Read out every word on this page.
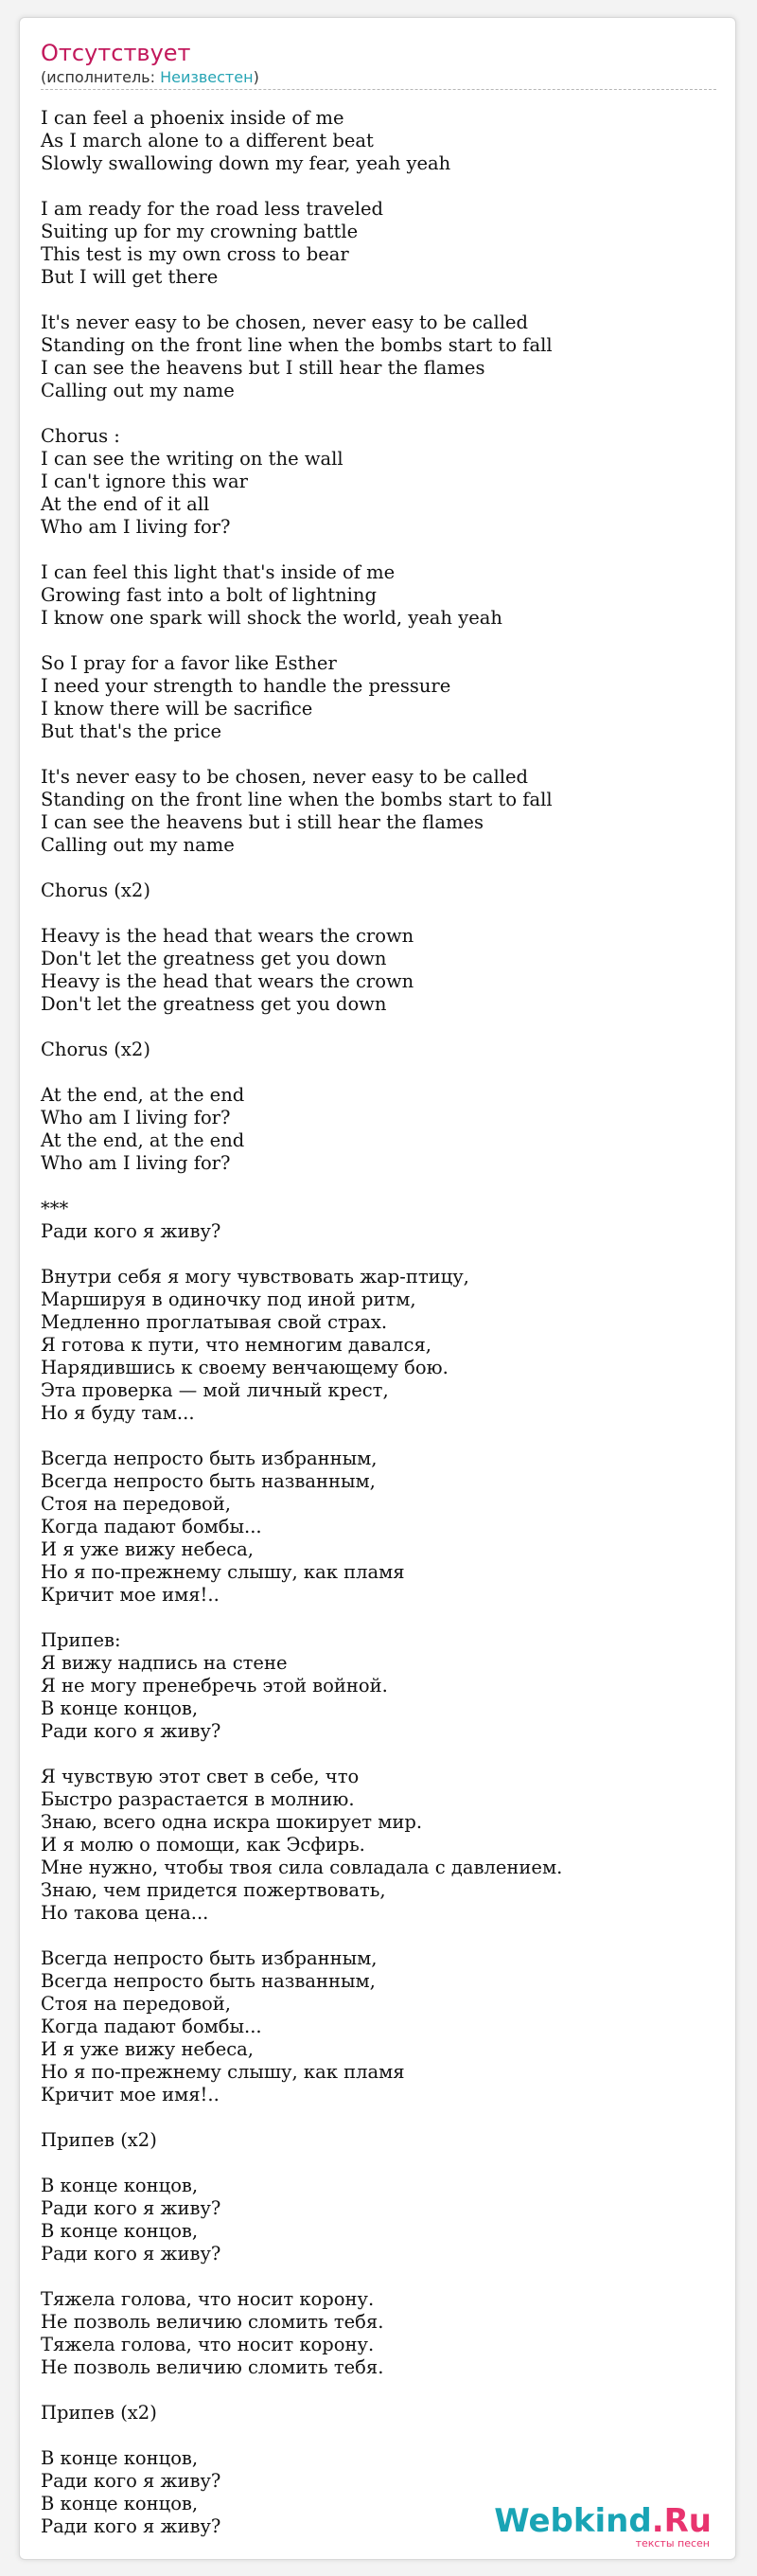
Отсутствует
(исполнитель: Неизвестен)
I can feel a phoenix inside of me
As I march alone to a different beat
Slowly swallowing down my fear, yeah yeah

I am ready for the road less traveled
Suiting up for my crowning battle
This test is my own cross to bear
But I will get there

It's never easy to be chosen, never easy to be called
Standing on the front line when the bombs start to fall
I can see the heavens but I still hear the flames
Calling out my name

Chorus :
I can see the writing on the wall
I can't ignore this war
At the end of it all
Who am I living for?

I can feel this light that's inside of me
Growing fast into a bolt of lightning
I know one spark will shock the world, yeah yeah

So I pray for a favor like Esther
I need your strength to handle the pressure
I know there will be sacrifice
But that's the price

It's never easy to be chosen, never easy to be called
Standing on the front line when the bombs start to fall
I can see the heavens but i still hear the flames
Calling out my name

Chorus (x2)

Heavy is the head that wears the crown
Don't let the greatness get you down
Heavy is the head that wears the crown
Don't let the greatness get you down

Chorus (x2)

At the end, at the end
Who am I living for?
At the end, at the end
Who am I living for?

***
Ради кого я живу?

Внутри себя я могу чувствовать жар-птицу,
Маршируя в одиночку под иной ритм,
Медленно проглатывая свой страх.
Я готова к пути, что немногим давался,
Нарядившись к своему венчающему бою.
Эта проверка — мой личный крест,
Но я буду там...

Всегда непросто быть избранным,
Всегда непросто быть названным,
Стоя на передовой,
Когда падают бомбы...
И я уже вижу небеса,
Но я по-прежнему слышу, как пламя
Кричит мое имя!..

Припев:
Я вижу надпись на стене
Я не могу пренебречь этой войной.
В конце концов,
Ради кого я живу?

Я чувствую этот свет в себе, что
Быстро разрастается в молнию.
Знаю, всего одна искра шокирует мир.
И я молю о помощи, как Эсфирь.
Мне нужно, чтобы твоя сила совладала с давлением.
Знаю, чем придется пожертвовать,
Но такова цена...

Всегда непросто быть избранным,
Всегда непросто быть названным,
Стоя на передовой,
Когда падают бомбы...
И я уже вижу небеса,
Но я по-прежнему слышу, как пламя
Кричит мое имя!..

Припев (x2)

В конце концов,
Ради кого я живу?
В конце концов,
Ради кого я живу?

Тяжела голова, что носит корону.
Не позволь величию сломить тебя.
Тяжела голова, что носит корону.
Не позволь величию сломить тебя.

Припев (x2)

В конце концов,
Ради кого я живу?
В конце концов,
Ради кого я живу?	Webkind.Ru
тексты песен
